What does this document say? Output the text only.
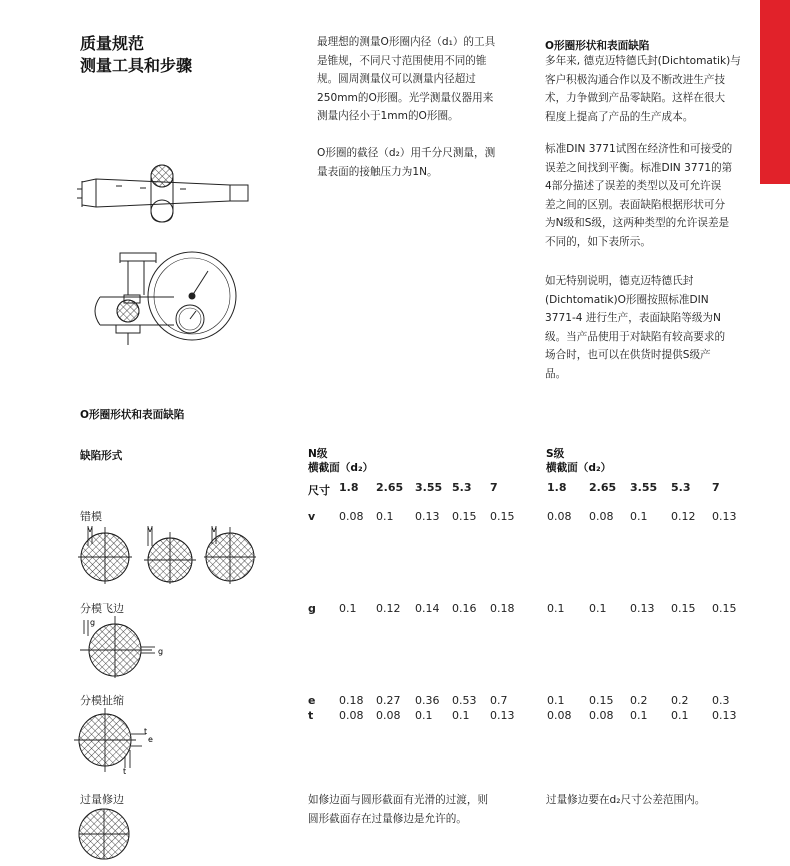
质量规范
测量工具和步骤
最理想的测量O形圈内径（d₁）的工具
是锥规，不同尺寸范围使用不同的锥
规。圆周测量仪可以测量内径超过
250mm的O形圈。光学测量仪器用来
测量内径小于1mm的O形圈。
O形圈的截径（d₂）用千分尺测量，测
量表面的接触压力为1N。
O形圈形状和表面缺陷
多年来, 德克迈特德氏封(Dichtomatik)与
客户积极沟通合作以及不断改进生产技
术，力争做到产品零缺陷。这样在很大
程度上提高了产品的生产成本。
标准DIN 3771试图在经济性和可接受的
误差之间找到平衡。标准DIN 3771的第
4部分描述了误差的类型以及可允许误
差之间的区别。表面缺陷根据形状可分
为N级和S级，这两种类型的允许误差是
不同的，如下表所示。
如无特别说明，德克迈特德氏封
(Dichtomatik)O形圈按照标准DIN
3771-4 进行生产，表面缺陷等级为N
级。当产品使用于对缺陷有较高要求的
场合时，也可以在供货时提供S级产
品。
O形圈形状和表面缺陷
缺陷形式	N级
横截面（d₂）
S级
横截面（d₂）
尺寸 1.8 2.65 3.55 5.3 7	1.8 2.65 3.55 5.3 7
错模	v 0.08 0.1 0.13 0.15 0.15	0.08 0.08 0.1 0.12 0.13
v	v	v
分模飞边	g 0.1 0.12 0.14 0.16 0.18	0.1 0.1 0.13 0.15 0.15
g
g
分模扯缩	e 0.18 0.27 0.36 0.53 0.7	0.1 0.15 0.2 0.2 0.3
t 0.08 0.08 0.1 0.1 0.13	0.08 0.08 0.1 0.1 0.13
e
t
t
过量修边	如修边面与圆形截面有光滑的过渡，则
圆形截面存在过量修边是允许的。
过量修边要在d₂尺寸公差范围内。
